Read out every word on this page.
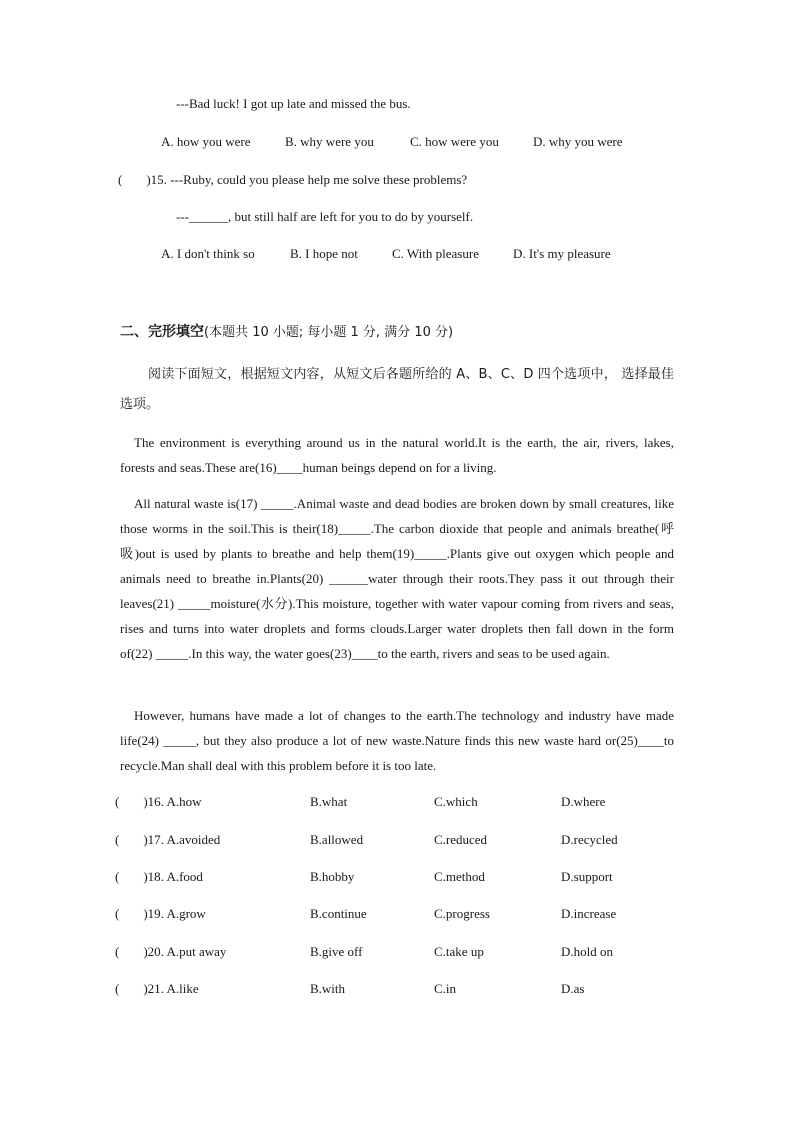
---Bad luck! I got up late and missed the bus.
A. how you were	B. why were you	C. how were you	D. why you were
( )15. ---Ruby, could you please help me solve these problems?
---______, but still half are left for you to do by yourself.
A. I don't think so	B. I hope not	C. With pleasure	D. It's my pleasure
二、完形填空(本题共 10 小题; 每小题 1 分, 满分 10 分)
阅读下面短文，根据短文内容，从短文后各题所给的 A、B、C、D 四个选项中， 选择最佳选项。
The environment is everything around us in the natural world.It is the earth, the air, rivers, lakes, forests and seas.These are(16)____human beings depend on for a living.
All natural waste is(17) _____.Animal waste and dead bodies are broken down by small creatures, like those worms in the soil.This is their(18)_____.The carbon dioxide that people and animals breathe(呼吸)out is used by plants to breathe and help them(19)_____.Plants give out oxygen which people and animals need to breathe in.Plants(20) ______water through their roots.They pass it out through their leaves(21) _____moisture(水分).This moisture, together with water vapour coming from rivers and seas, rises and turns into water droplets and forms clouds.Larger water droplets then fall down in the form of(22) _____.In this way, the water goes(23)____to the earth, rivers and seas to be used again.
However, humans have made a lot of changes to the earth.The technology and industry have made life(24) _____, but they also produce a lot of new waste.Nature finds this new waste hard or(25)____to recycle.Man shall deal with this problem before it is too late.
( )16. A.how	B.what	C.which	D.where
( )17. A.avoided	B.allowed	C.reduced	D.recycled
( )18. A.food	B.hobby	C.method	D.support
( )19. A.grow	B.continue	C.progress	D.increase
( )20. A.put away	B.give off	C.take up	D.hold on
( )21. A.like	B.with	C.in	D.as
